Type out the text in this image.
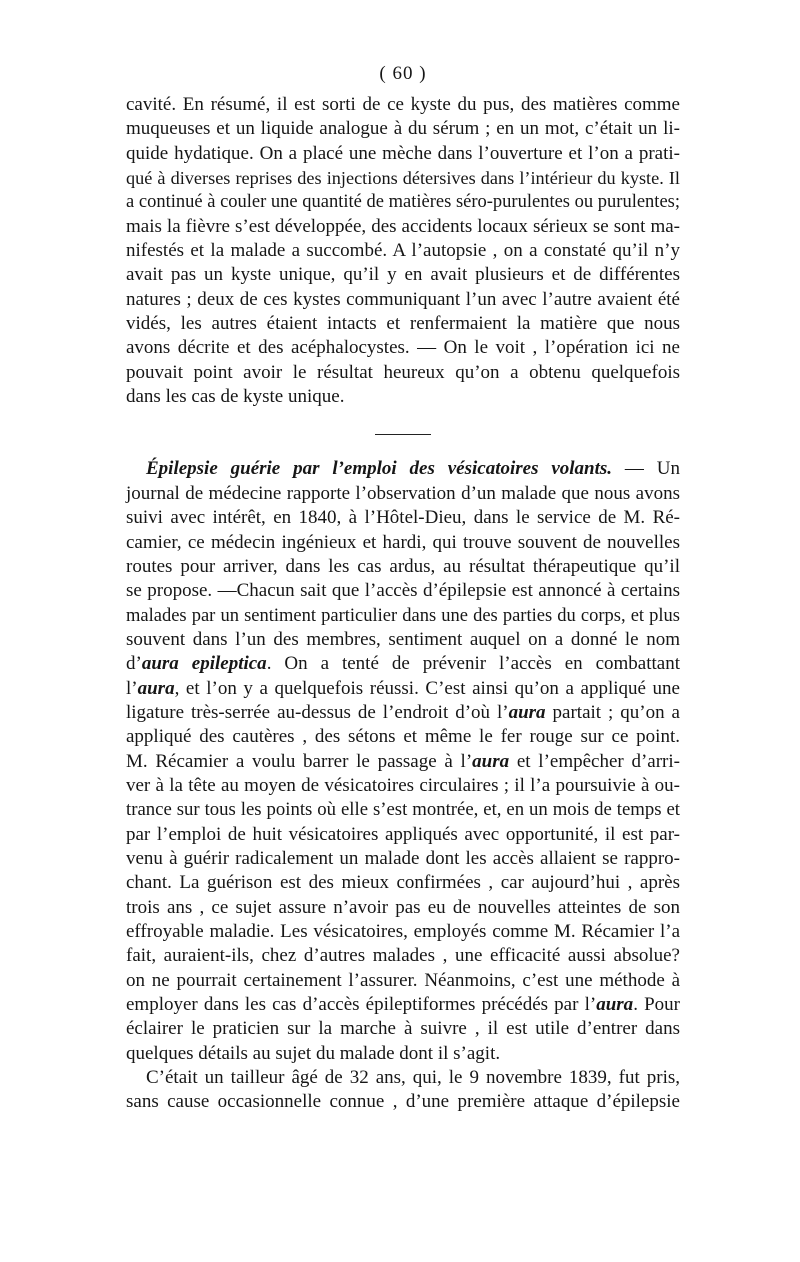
( 60 )
cavité. En résumé, il est sorti de ce kyste du pus, des matières comme
muqueuses et un liquide analogue à du sérum ; en un mot, c’était un li-
quide hydatique. On a placé une mèche dans l’ouverture et l’on a prati-
qué à diverses reprises des injections détersives dans l’intérieur du kyste. Il
a continué à couler une quantité de matières séro-purulentes ou purulentes;
mais la fièvre s’est développée, des accidents locaux sérieux se sont ma-
nifestés et la malade a succombé. A l’autopsie , on a constaté qu’il n’y
avait pas un kyste unique, qu’il y en avait plusieurs et de différentes
natures ; deux de ces kystes communiquant l’un avec l’autre avaient été
vidés, les autres étaient intacts et renfermaient la matière que nous
avons décrite et des acéphalocystes. — On le voit , l’opération ici ne
pouvait point avoir le résultat heureux qu’on a obtenu quelquefois
dans les cas de kyste unique.
Épilepsie guérie par l’emploi des vésicatoires volants. — Un
journal de médecine rapporte l’observation d’un malade que nous avons
suivi avec intérêt, en 1840, à l’Hôtel-Dieu, dans le service de M. Ré-
camier, ce médecin ingénieux et hardi, qui trouve souvent de nouvelles
routes pour arriver, dans les cas ardus, au résultat thérapeutique qu’il
se propose. —Chacun sait que l’accès d’épilepsie est annoncé à certains
malades par un sentiment particulier dans une des parties du corps, et plus
souvent dans l’un des membres, sentiment auquel on a donné le nom
d’aura epileptica. On a tenté de prévenir l’accès en combattant
l’aura, et l’on y a quelquefois réussi. C’est ainsi qu’on a appliqué une
ligature très-serrée au-dessus de l’endroit d’où l’aura partait ; qu’on a
appliqué des cautères , des sétons et même le fer rouge sur ce point.
M. Récamier a voulu barrer le passage à l’aura et l’empêcher d’arri-
ver à la tête au moyen de vésicatoires circulaires ; il l’a poursuivie à ou-
trance sur tous les points où elle s’est montrée, et, en un mois de temps et
par l’emploi de huit vésicatoires appliqués avec opportunité, il est par-
venu à guérir radicalement un malade dont les accès allaient se rappro-
chant. La guérison est des mieux confirmées , car aujourd’hui , après
trois ans , ce sujet assure n’avoir pas eu de nouvelles atteintes de son
effroyable maladie. Les vésicatoires, employés comme M. Récamier l’a
fait, auraient-ils, chez d’autres malades , une efficacité aussi absolue?
on ne pourrait certainement l’assurer. Néanmoins, c’est une méthode à
employer dans les cas d’accès épileptiformes précédés par l’aura. Pour
éclairer le praticien sur la marche à suivre , il est utile d’entrer dans
quelques détails au sujet du malade dont il s’agit.
C’était un tailleur âgé de 32 ans, qui, le 9 novembre 1839, fut pris,
sans cause occasionnelle connue , d’une première attaque d’épilepsie
